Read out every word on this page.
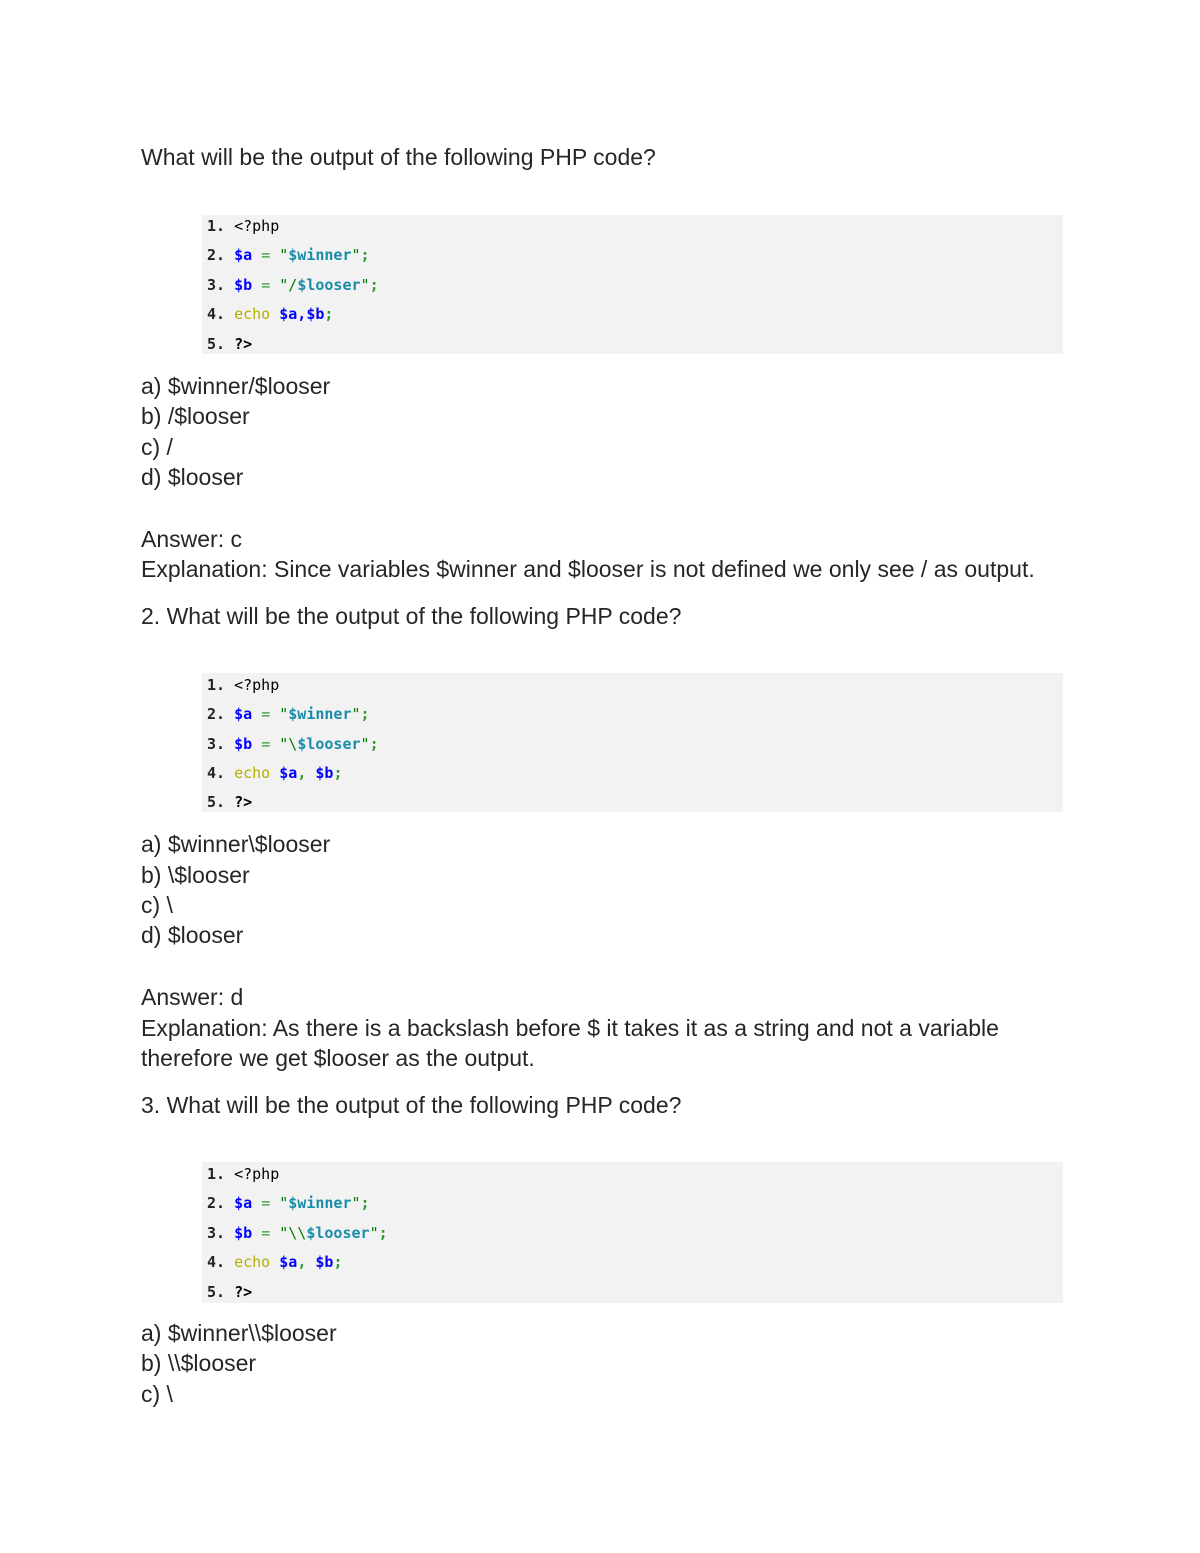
What will be the output of the following PHP code?

1. <?php
2. $a = "$winner";
3. $b = "/$looser";
4. echo $a,$b;
5. ?>

a) $winner/$looser

b) /$looser

c) /

d) $looser

Answer: c

Explanation: Since variables $winner and $looser is not defined we only see / as output.

2. What will be the output of the following PHP code?

1. <?php
2. $a = "$winner";
3. $b = "\$looser";
4. echo $a, $b;
5. ?>

a) $winner\$looser

b) \$looser

c) \

d) $looser

Answer: d

Explanation: As there is a backslash before $ it takes it as a string and not a variable

therefore we get $looser as the output.

3. What will be the output of the following PHP code?

1. <?php
2. $a = "$winner";
3. $b = "\\$looser";
4. echo $a, $b;
5. ?>

a) $winner\\$looser

b) \\$looser

c) \
